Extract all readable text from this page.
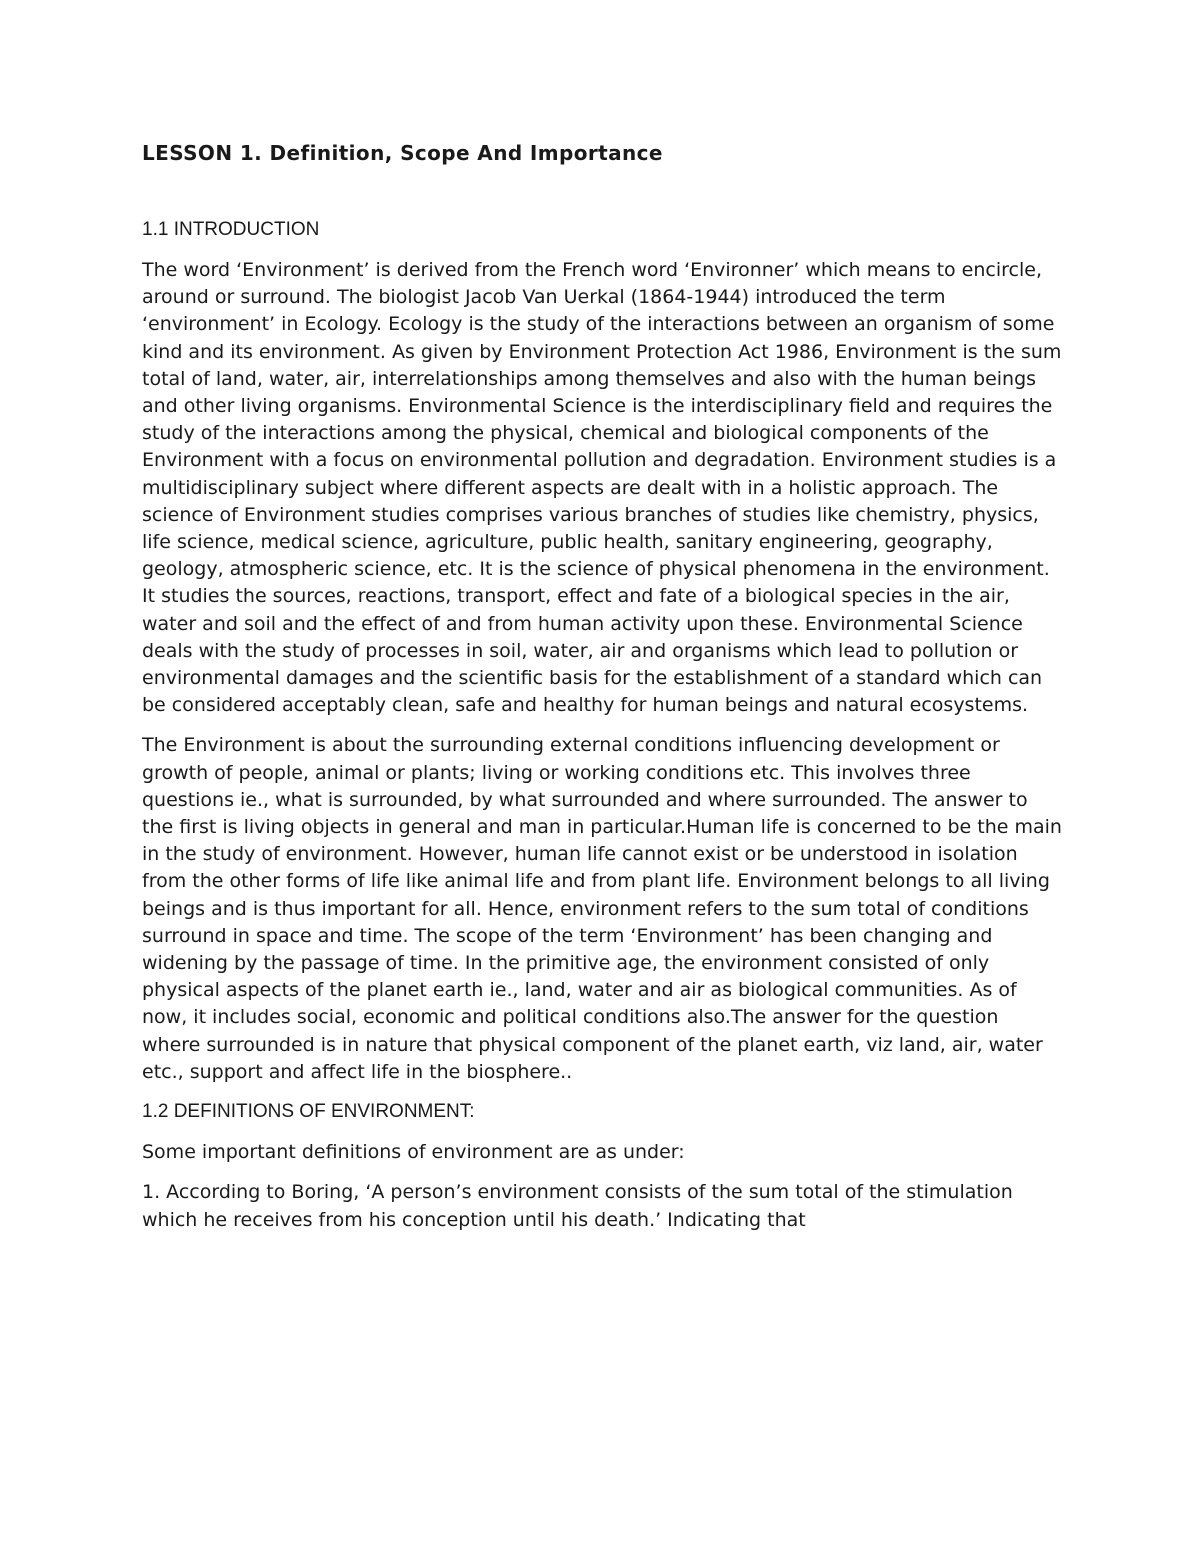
LESSON 1. Definition, Scope And Importance
1.1 INTRODUCTION

The word ‘Environment’ is derived from the French word ‘Environner’ which means to encircle, around or surround. The biologist Jacob Van Uerkal (1864-1944) introduced the term ‘environment’ in Ecology. Ecology is the study of the interactions between an organism of some kind and its environment. As given by Environment Protection Act 1986, Environment is the sum total of land, water, air, interrelationships among themselves and also with the human beings and other living organisms. Environmental Science is the interdisciplinary field and requires the study of the interactions among the physical, chemical and biological components of the Environment with a focus on environmental pollution and degradation. Environment studies is a multidisciplinary subject where different aspects are dealt with in a holistic approach. The science of Environment studies comprises various branches of studies like chemistry, physics, life science, medical science, agriculture, public health, sanitary engineering, geography, geology, atmospheric science, etc. It is the science of physical phenomena in the environment. It studies the sources, reactions, transport, effect and fate of a biological species in the air, water and soil and the effect of and from human activity upon these. Environmental Science deals with the study of processes in soil, water, air and organisms which lead to pollution or environmental damages and the scientific basis for the establishment of a standard which can be considered acceptably clean, safe and healthy for human beings and natural ecosystems.

The Environment is about the surrounding external conditions influencing development or growth of people, animal or plants; living or working conditions etc. This involves three questions ie., what is surrounded, by what surrounded and where surrounded. The answer to the first is living objects in general and man in particular.Human life is concerned to be the main in the study of environment. However, human life cannot exist or be understood in isolation from the other forms of life like animal life and from plant life. Environment belongs to all living beings and is thus important for all. Hence, environment refers to the sum total of conditions surround in space and time. The scope of the term ‘Environment’ has been changing and widening by the passage of time. In the primitive age, the environment consisted of only physical aspects of the planet earth ie., land, water and air as biological communities. As of now, it includes social, economic and political conditions also.The answer for the question where surrounded is in nature that physical component of the planet earth, viz land, air, water etc., support and affect life in the biosphere..

1.2 DEFINITIONS OF ENVIRONMENT:

Some important definitions of environment are as under:

1. According to Boring, ‘A person’s environment consists of the sum total of the stimulation which he receives from his conception until his death.’ Indicating that
